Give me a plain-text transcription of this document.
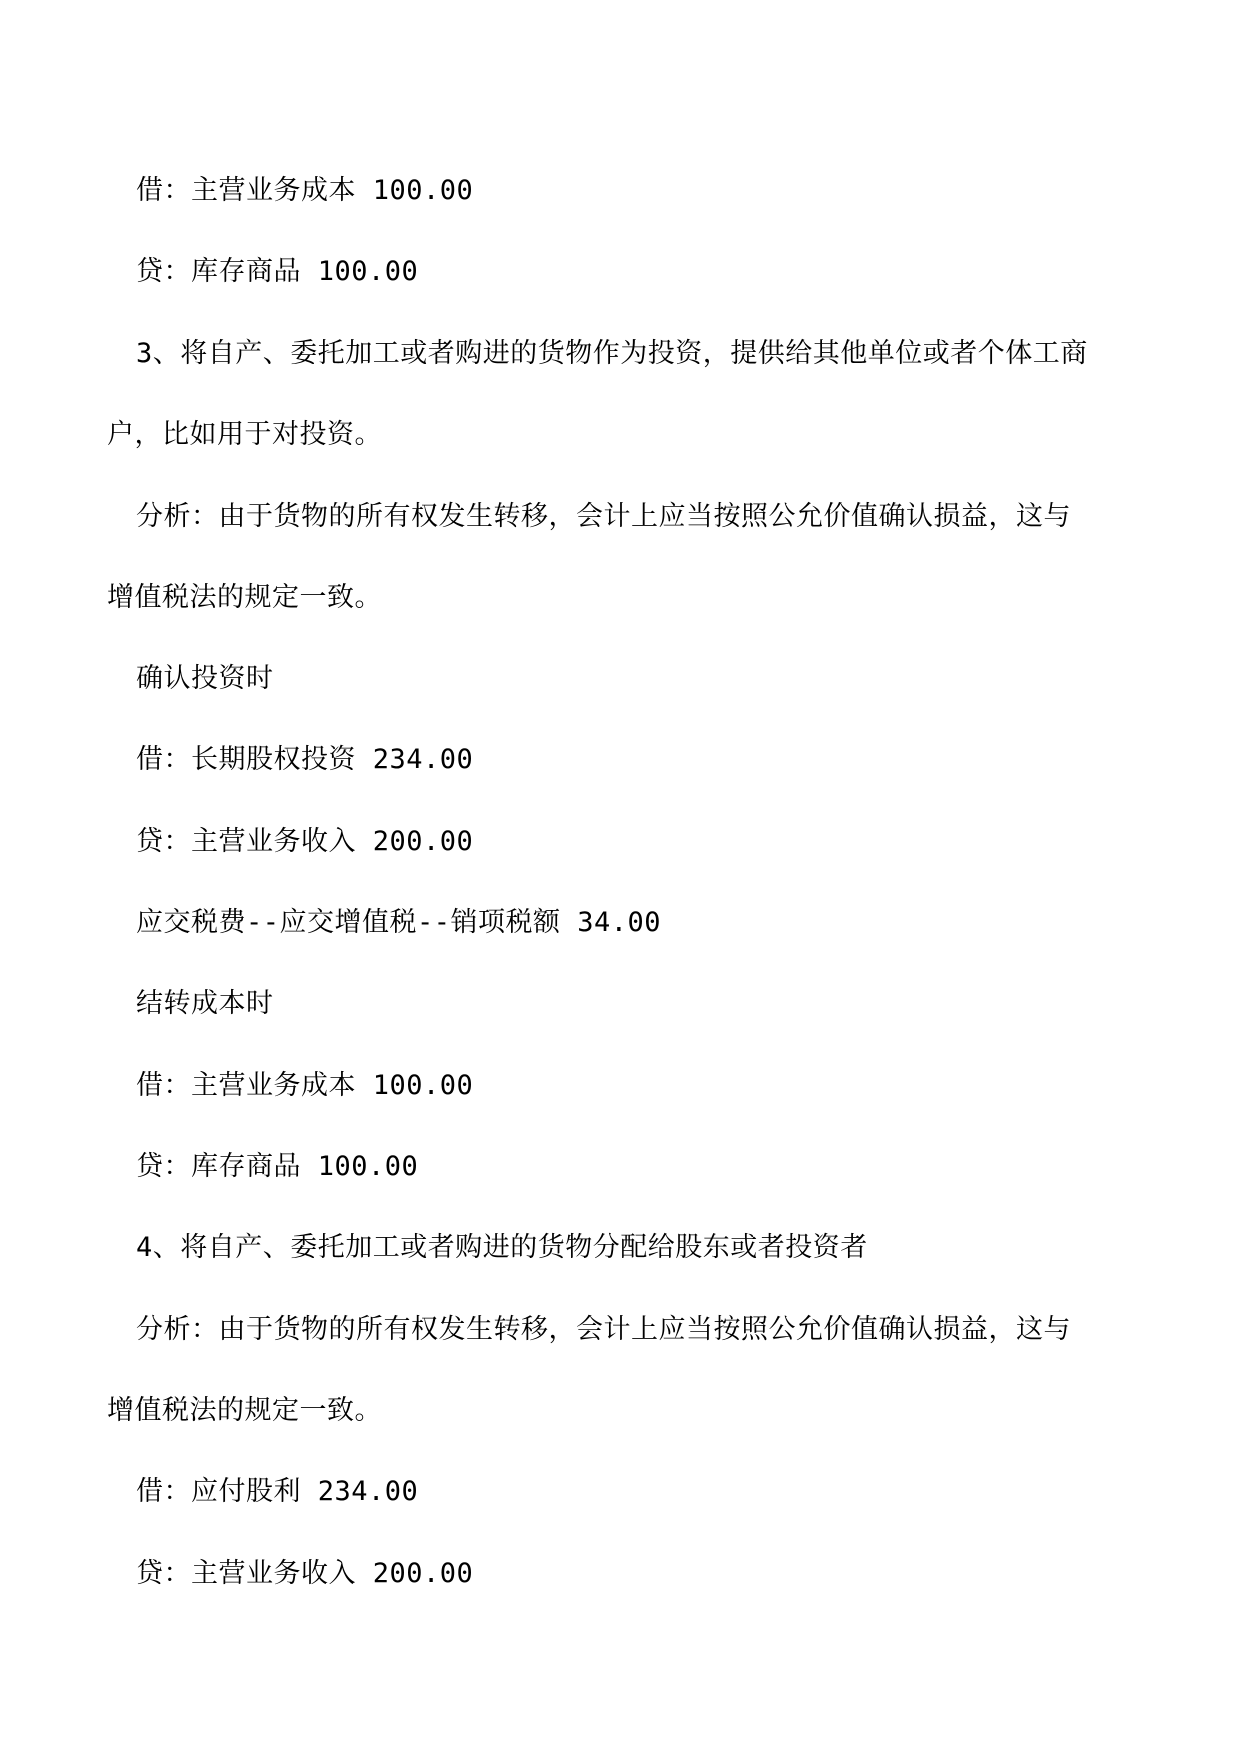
借：主营业务成本 100.00
贷：库存商品 100.00
3、将自产、委托加工或者购进的货物作为投资，提供给其他单位或者个体工商
户，比如用于对投资。
分析：由于货物的所有权发生转移，会计上应当按照公允价值确认损益，这与
增值税法的规定一致。
确认投资时
借：长期股权投资 234.00
贷：主营业务收入 200.00
应交税费--应交增值税--销项税额 34.00
结转成本时
借：主营业务成本 100.00
贷：库存商品 100.00
4、将自产、委托加工或者购进的货物分配给股东或者投资者
分析：由于货物的所有权发生转移，会计上应当按照公允价值确认损益，这与
增值税法的规定一致。
借：应付股利 234.00
贷：主营业务收入 200.00
